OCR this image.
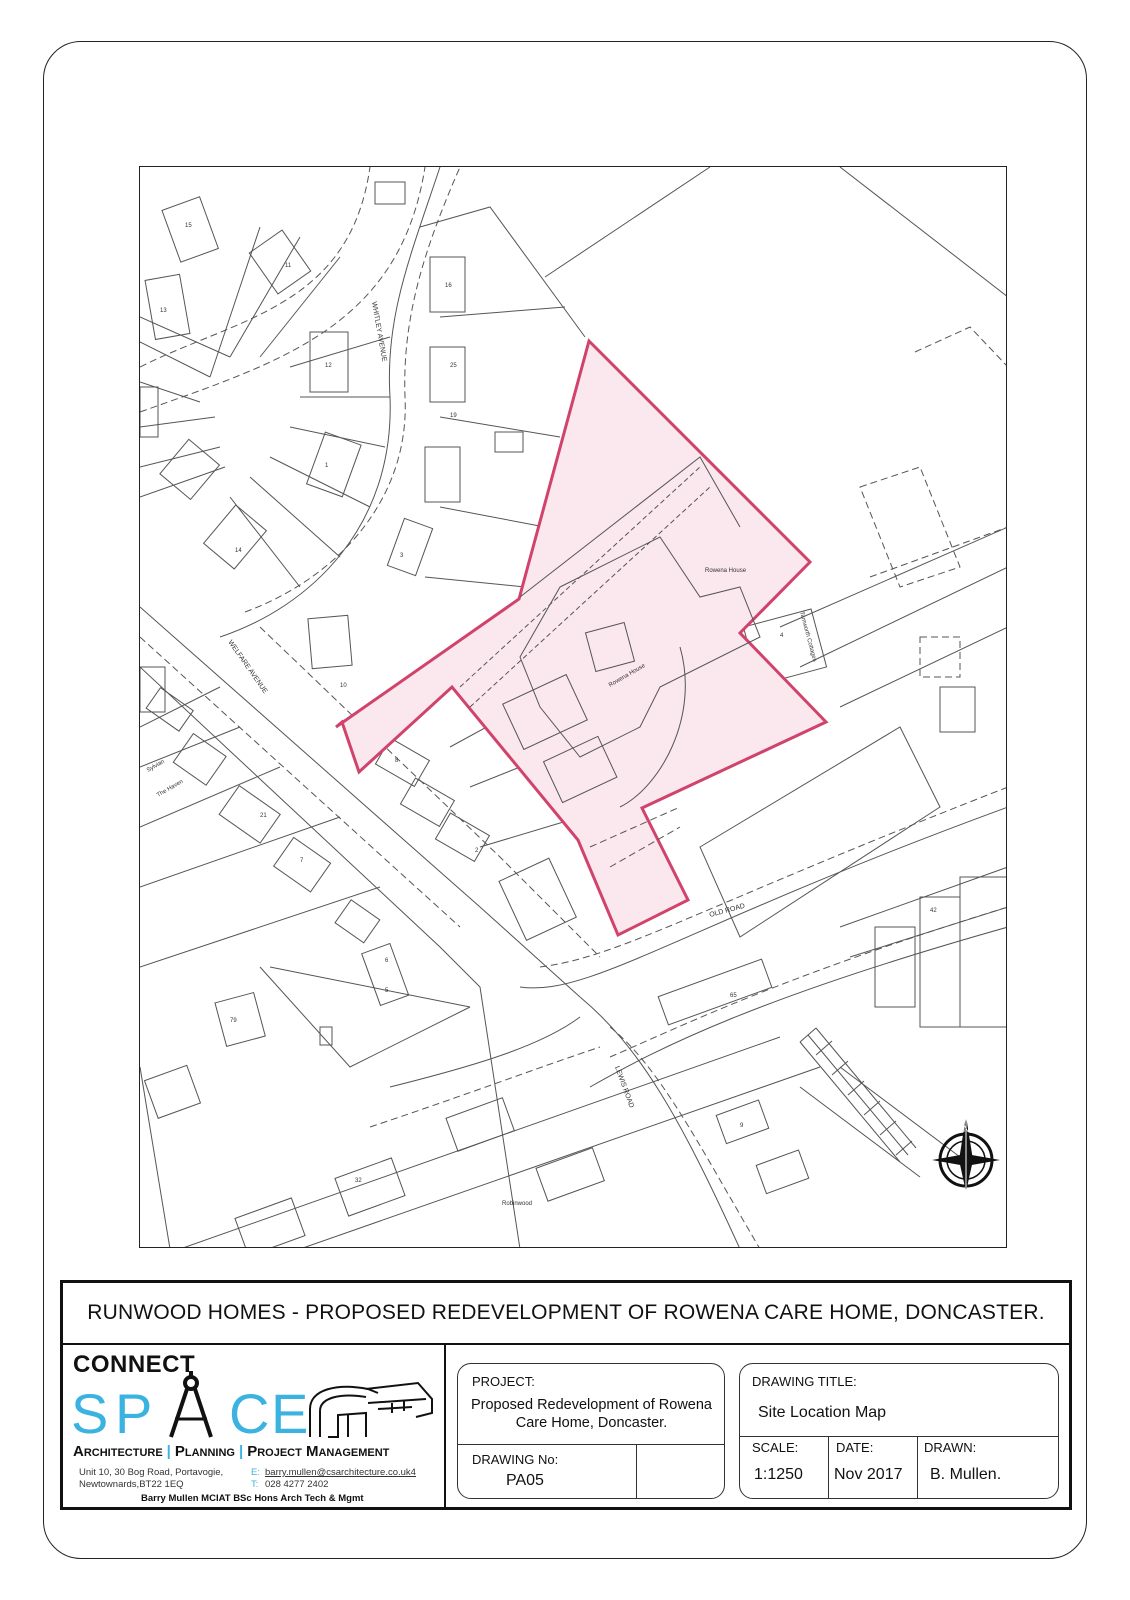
N
WHITLEY AVENUE
WELFARE AVENUE
OLD ROAD
LEWIS ROAD
Rowena House
Rowena House
Tamworth Cottages
Sylvian
The Haven
Robinwood
15
11
13
12
14
16
1
2
3
4
5
6
7
8
9
10
19
21
25
32
42
65
79
RUNWOOD HOMES - PROPOSED REDEVELOPMENT OF ROWENA CARE HOME, DONCASTER.
CONNECT
S P C E
Architecture | Planning | Project Management
Unit 10, 30 Bog Road, Portavogie,
Newtownards,BT22 1EQ
E: barry.mullen@csarchitecture.co.uk4
T: 028 4277 2402
Barry Mullen MCIAT BSc Hons Arch Tech & Mgmt
PROJECT:
Proposed Redevelopment of Rowena Care Home, Doncaster.
DRAWING No:
PA05
DRAWING TITLE:
Site Location Map
SCALE:
1:1250
DATE:
Nov 2017
DRAWN:
B. Mullen.
